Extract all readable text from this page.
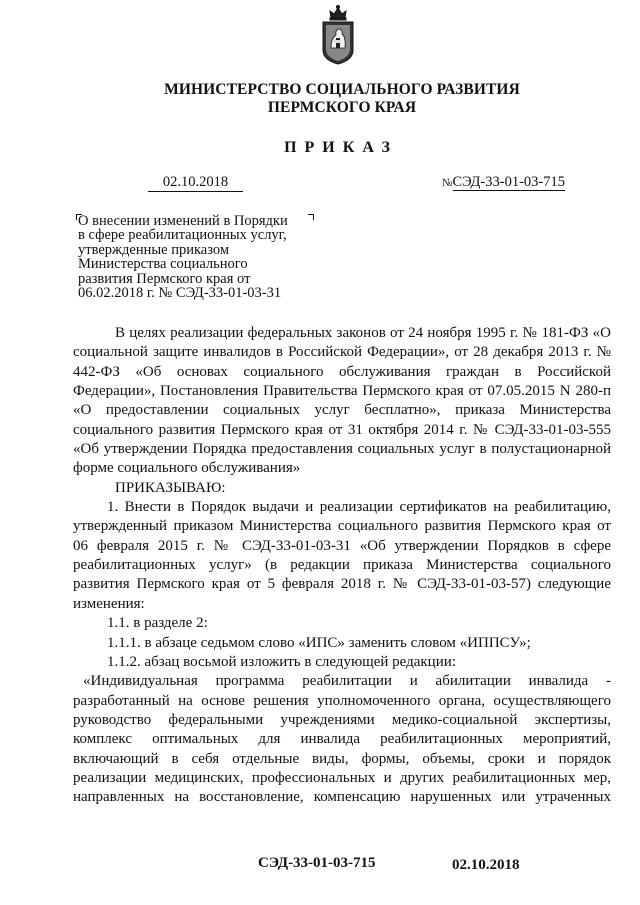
МИНИСТЕРСТВО СОЦИАЛЬНОГО РАЗВИТИЯ
ПЕРМСКОГО КРАЯ
ПРИКАЗ
02.10.2018	№СЭД-33-01-03-715
О внесении изменений в Порядки
в сфере реабилитационных услуг,
утвержденные приказом
Министерства социального
развития Пермского края от
06.02.2018 г. № СЭД-33-01-03-31
В целях реализации федеральных законов от 24 ноября 1995 г. № 181-ФЗ «О
социальной защите инвалидов в Российской Федерации», от 28 декабря 2013 г. №
442-ФЗ «Об основах социального обслуживания граждан в Российской
Федерации», Постановления Правительства Пермского края от 07.05.2015 N 280-п
«О предоставлении социальных услуг бесплатно», приказа Министерства
социального развития Пермского края от 31 октября 2014 г. № СЭД-33-01-03-555
«Об утверждении Порядка предоставления социальных услуг в полустационарной
форме социального обслуживания»
ПРИКАЗЫВАЮ:
1. Внести в Порядок выдачи и реализации сертификатов на реабилитацию,
утвержденный приказом Министерства социального развития Пермского края от
06 февраля 2015 г. № СЭД-33-01-03-31 «Об утверждении Порядков в сфере
реабилитационных услуг» (в редакции приказа Министерства социального
развития Пермского края от 5 февраля 2018 г. № СЭД-33-01-03-57) следующие
изменения:
1.1. в разделе 2:
1.1.1. в абзаце седьмом слово «ИПС» заменить словом «ИППСУ»;
1.1.2. абзац восьмой изложить в следующей редакции:
«Индивидуальная программа реабилитации и абилитации инвалида -
разработанный на основе решения уполномоченного органа, осуществляющего
руководство федеральными учреждениями медико-социальной экспертизы,
комплекс оптимальных для инвалида реабилитационных мероприятий,
включающий в себя отдельные виды, формы, объемы, сроки и порядок
реализации медицинских, профессиональных и других реабилитационных мер,
направленных на восстановление, компенсацию нарушенных или утраченных
СЭД-33-01-03-715	02.10.2018
